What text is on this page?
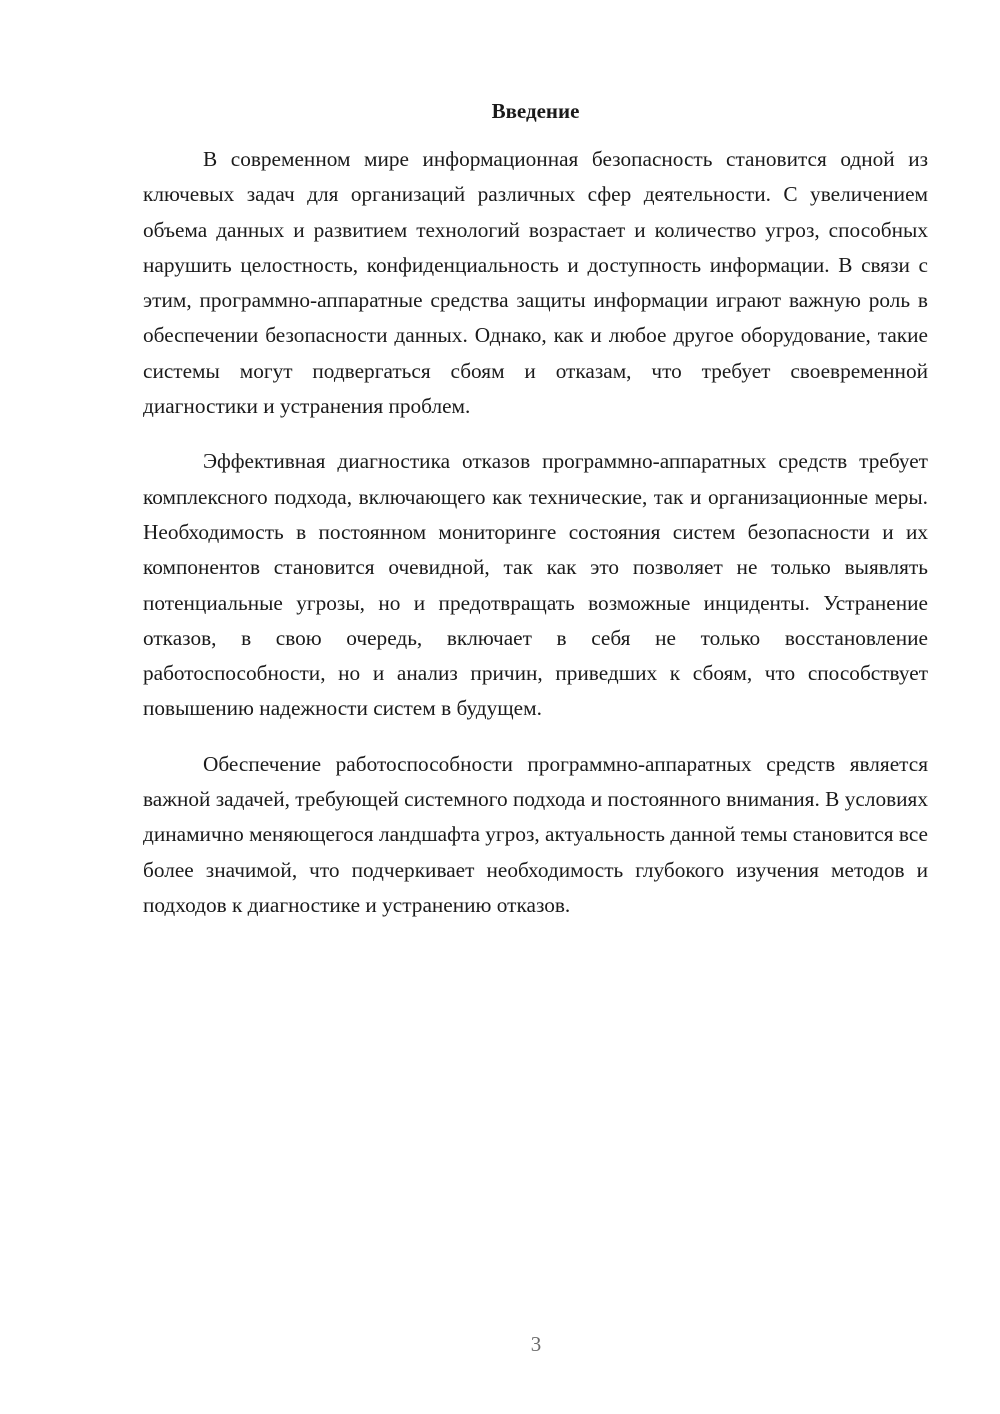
Введение

В современном мире информационная безопасность становится одной из ключевых задач для организаций различных сфер деятельности. С увеличением объема данных и развитием технологий возрастает и количество угроз, способных нарушить целостность, конфиденциальность и доступность информации. В связи с этим, программно-аппаратные средства защиты информации играют важную роль в обеспечении безопасности данных. Однако, как и любое другое оборудование, такие системы могут подвергаться сбоям и отказам, что требует своевременной диагностики и устранения проблем.

Эффективная диагностика отказов программно-аппаратных средств требует комплексного подхода, включающего как технические, так и организационные меры. Необходимость в постоянном мониторинге состояния систем безопасности и их компонентов становится очевидной, так как это позволяет не только выявлять потенциальные угрозы, но и предотвращать возможные инциденты. Устранение отказов, в свою очередь, включает в себя не только восстановление работоспособности, но и анализ причин, приведших к сбоям, что способствует повышению надежности систем в будущем.

Обеспечение работоспособности программно-аппаратных средств является важной задачей, требующей системного подхода и постоянного внимания. В условиях динамично меняющегося ландшафта угроз, актуальность данной темы становится все более значимой, что подчеркивает необходимость глубокого изучения методов и подходов к диагностике и устранению отказов.

3
